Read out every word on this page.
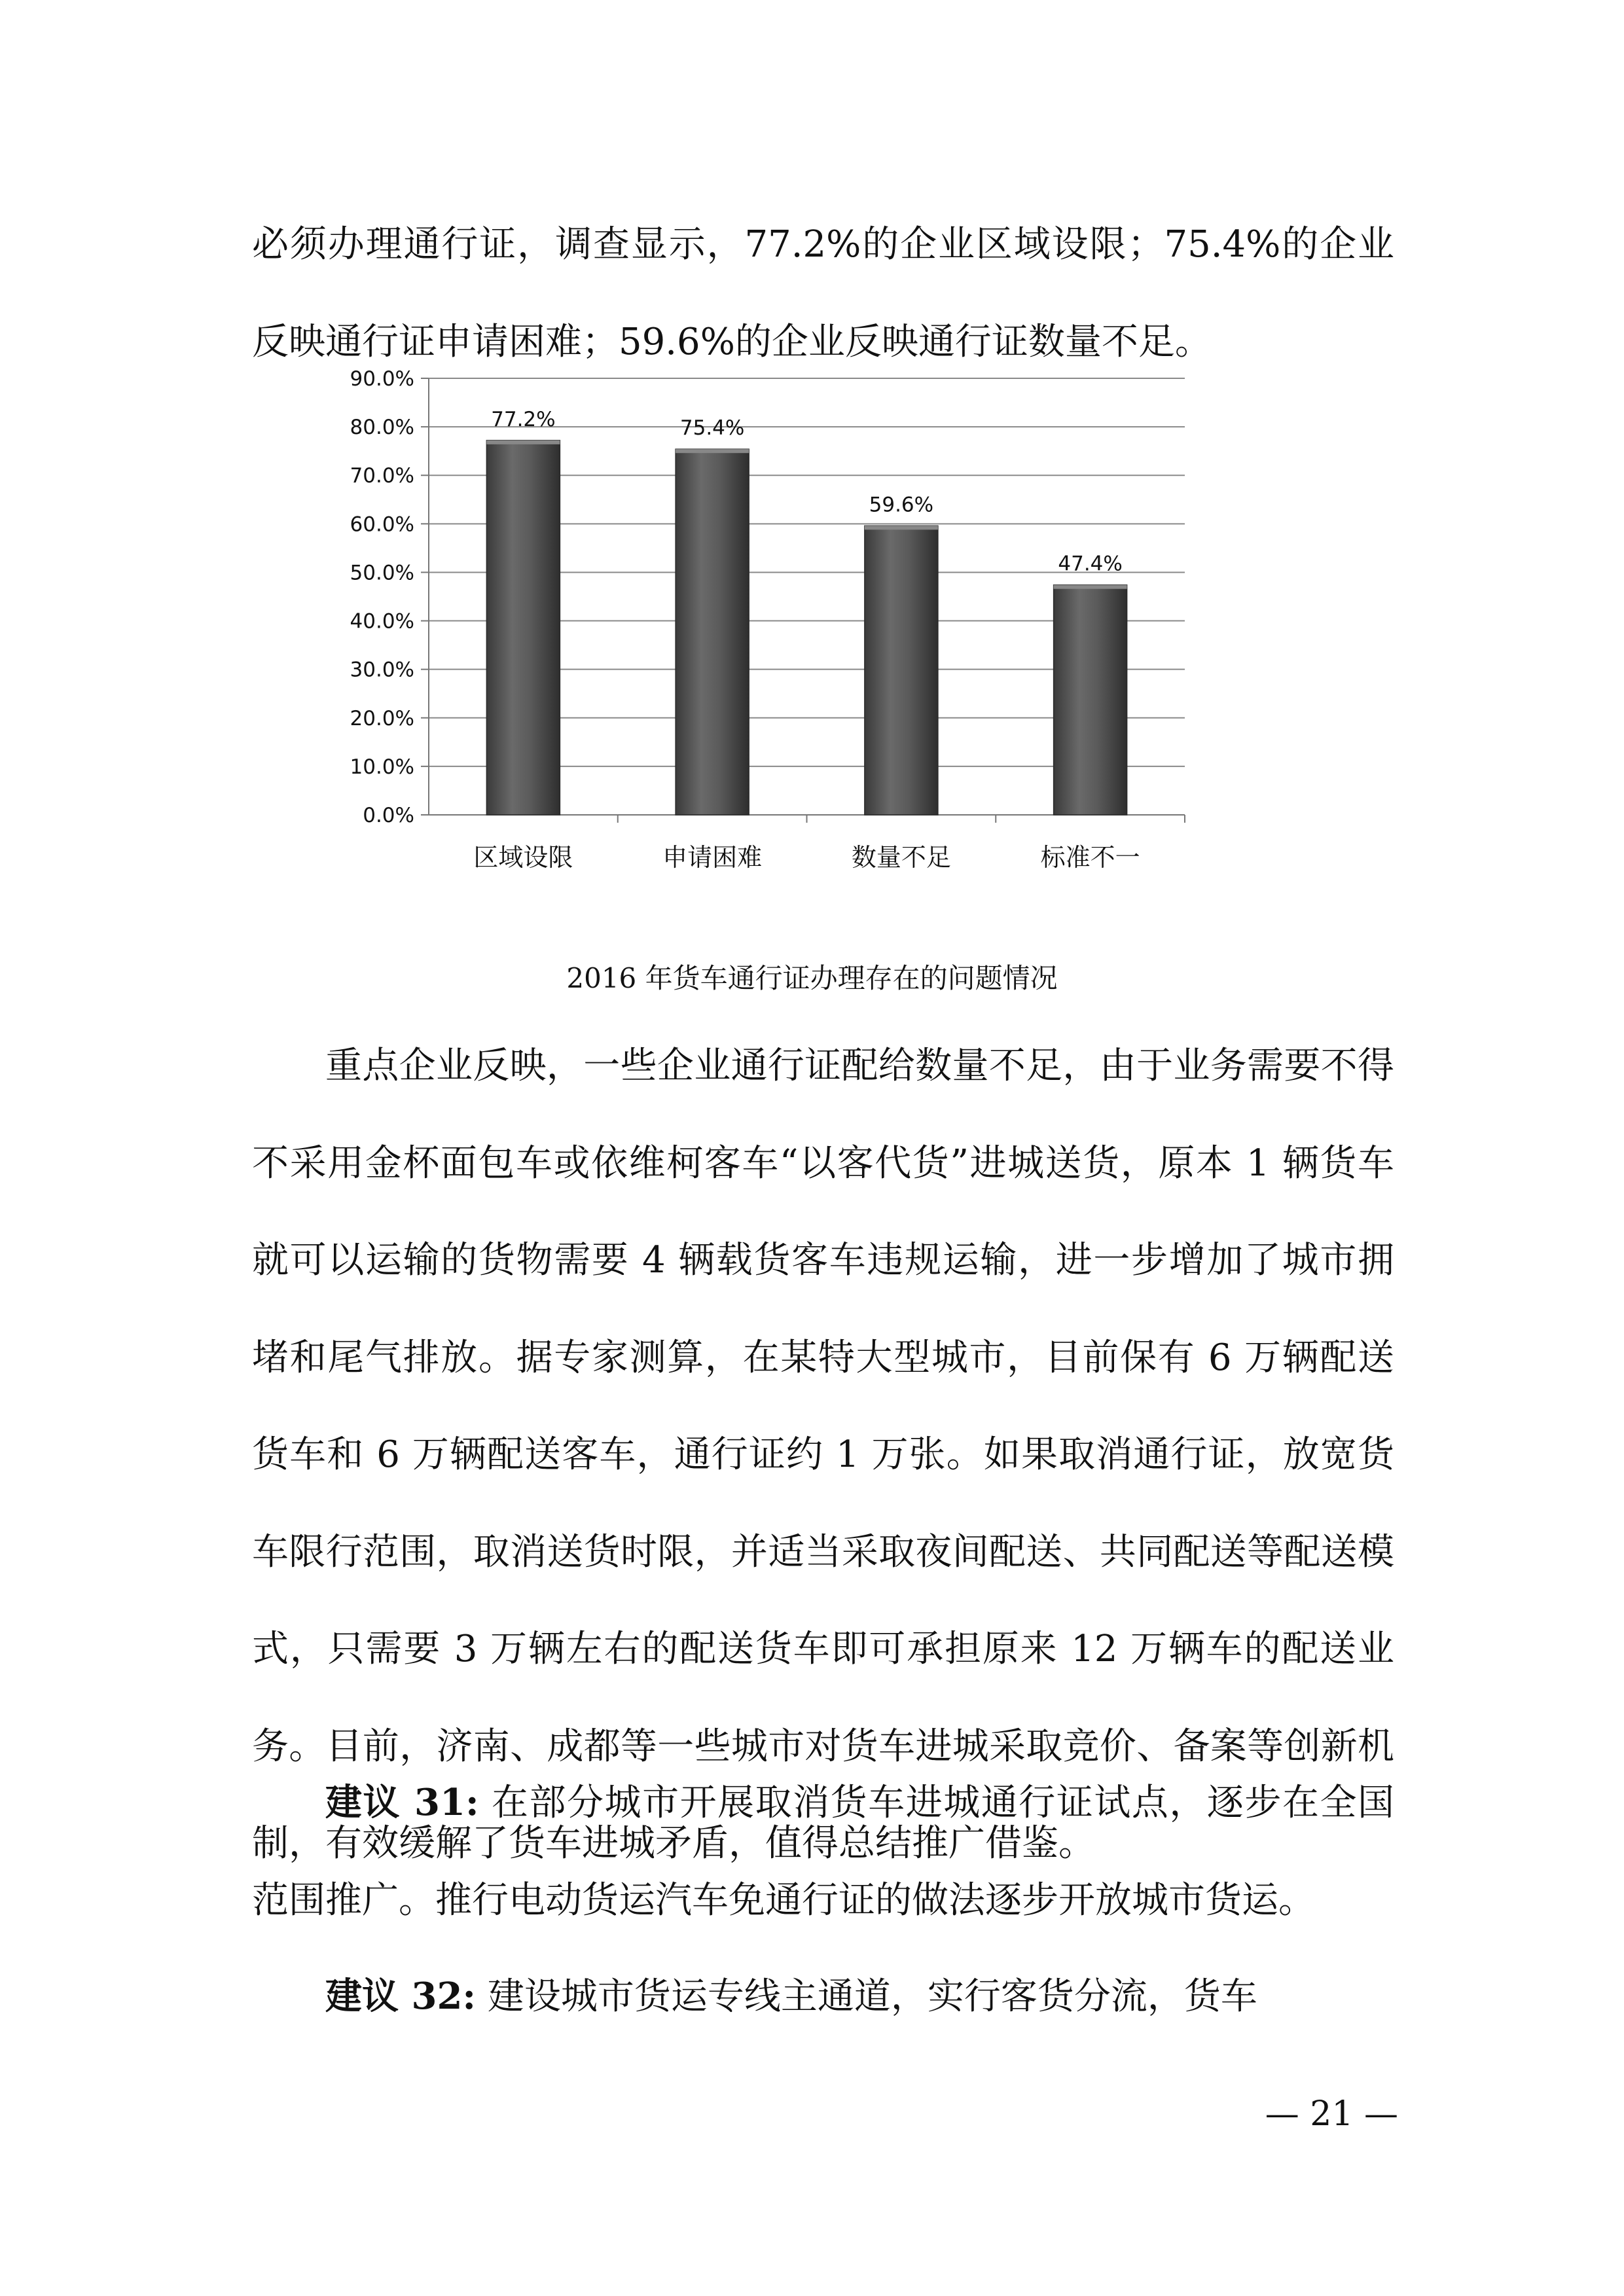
必须办理通行证，调查显示，77.2%的企业区域设限；75.4%的企业反映通行证申请困难；59.6%的企业反映通行证数量不足。

0.0%
10.0%
20.0%
30.0%
40.0%
50.0%
60.0%
70.0%
80.0%
90.0%
77.2%
区域设限
75.4%
申请困难
59.6%
数量不足
47.4%
标准不一
2016 年货车通行证办理存在的问题情况

重点企业反映，一些企业通行证配给数量不足，由于业务需要不得不采用金杯面包车或依维柯客车“以客代货”进城送货，原本 1 辆货车就可以运输的货物需要 4 辆载货客车违规运输，进一步增加了城市拥堵和尾气排放。据专家测算，在某特大型城市，目前保有 6 万辆配送货车和 6 万辆配送客车，通行证约 1 万张。如果取消通行证，放宽货车限行范围，取消送货时限，并适当采取夜间配送、共同配送等配送模式，只需要 3 万辆左右的配送货车即可承担原来 12 万辆车的配送业务。目前，济南、成都等一些城市对货车进城采取竞价、备案等创新机制，有效缓解了货车进城矛盾，值得总结推广借鉴。

建议 31: 在部分城市开展取消货车进城通行证试点，逐步在全国范围推广。推行电动货运汽车免通行证的做法逐步开放城市货运。

建议 32: 建设城市货运专线主通道，实行客货分流，货车

— 21 —
